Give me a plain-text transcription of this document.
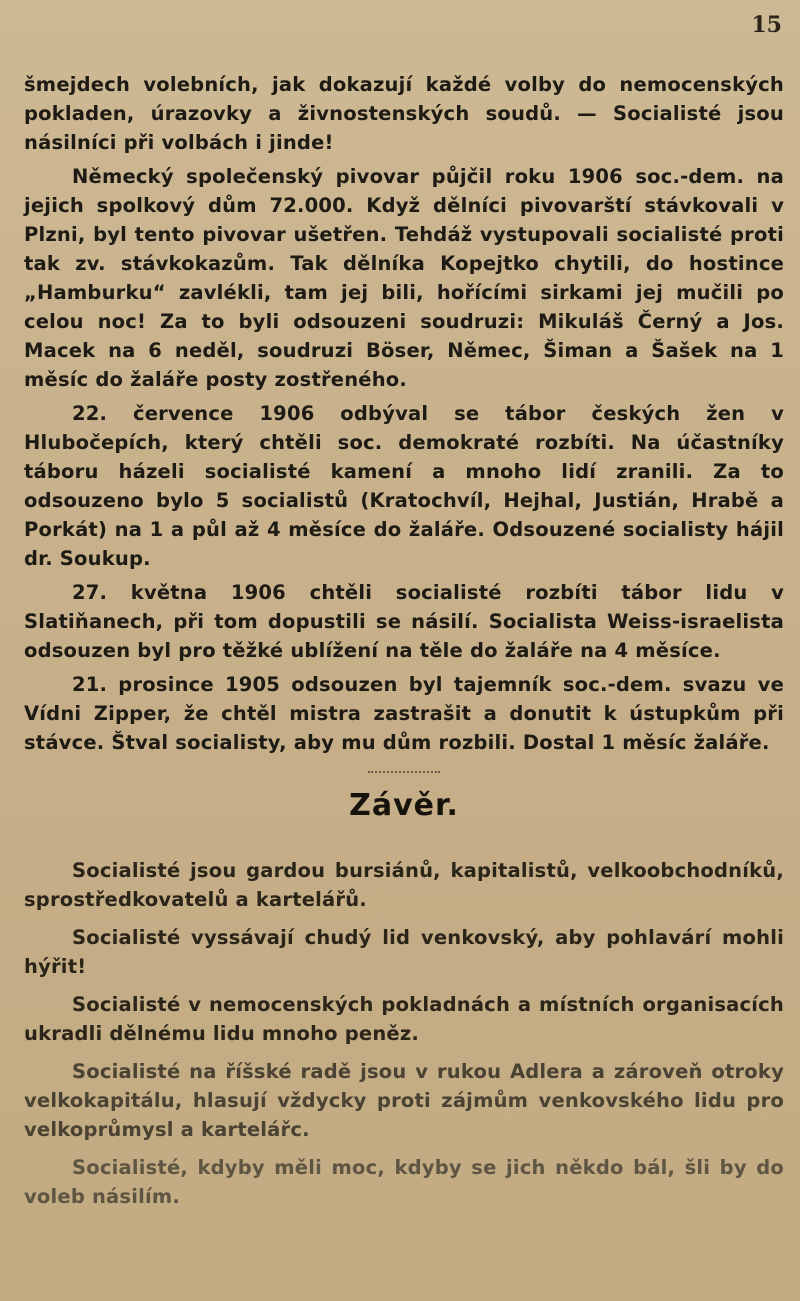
15

šmejdech volebních, jak dokazují každé volby do nemocenských pokladen, úrazovky a živnostenských soudů. — Socialisté jsou násilníci při volbách i jinde!

Německý společenský pivovar půjčil roku 1906 soc.-dem. na jejich spolkový dům 72.000. Když dělníci pivovarští stávkovali v Plzni, byl tento pivovar ušetřen. Tehdáž vystupovali socialisté proti tak zv. stávkokazům. Tak dělníka Kopejtko chytili, do hostince „Hamburku“ zavlékli, tam jej bili, hořícími sirkami jej mučili po celou noc! Za to byli odsouzeni soudruzi: Mikuláš Černý a Jos. Macek na 6 neděl, soudruzi Böser, Němec, Šiman a Šašek na 1 měsíc do žaláře posty zostřeného.

22. července 1906 odbýval se tábor českých žen v Hlubočepích, který chtěli soc. demokraté rozbíti. Na účastníky táboru házeli socialisté kamení a mnoho lidí zranili. Za to odsouzeno bylo 5 socialistů (Kratochvíl, Hejhal, Justián, Hrabě a Porkát) na 1 a půl až 4 měsíce do žaláře. Odsouzené socialisty hájil dr. Soukup.

27. května 1906 chtěli socialisté rozbíti tábor lidu v Slatiňanech, při tom dopustili se násilí. Socialista Weiss-israelista odsouzen byl pro těžké ublížení na těle do žaláře na 4 měsíce.

21. prosince 1905 odsouzen byl tajemník soc.-dem. svazu ve Vídni Zipper, že chtěl mistra zastrašit a donutit k ústupkům při stávce. Štval socialisty, aby mu dům rozbili. Dostal 1 měsíc žaláře.

Závěr.

Socialisté jsou gardou bursiánů, kapitalistů, velkoobchodníků, sprostředkovatelů a kartelářů.

Socialisté vyssávají chudý lid venkovský, aby pohlavárí mohli hýřit!

Socialisté v nemocenských pokladnách a místních organisacích ukradli dělnému lidu mnoho peněz.

Socialisté na říšské radě jsou v rukou Adlera a zároveň otroky velkokapitálu, hlasují vždycky proti zájmům venkovského lidu pro velkoprůmysl a kartelářc.

Socialisté, kdyby měli moc, kdyby se jich někdo bál, šli by do voleb násilím.
